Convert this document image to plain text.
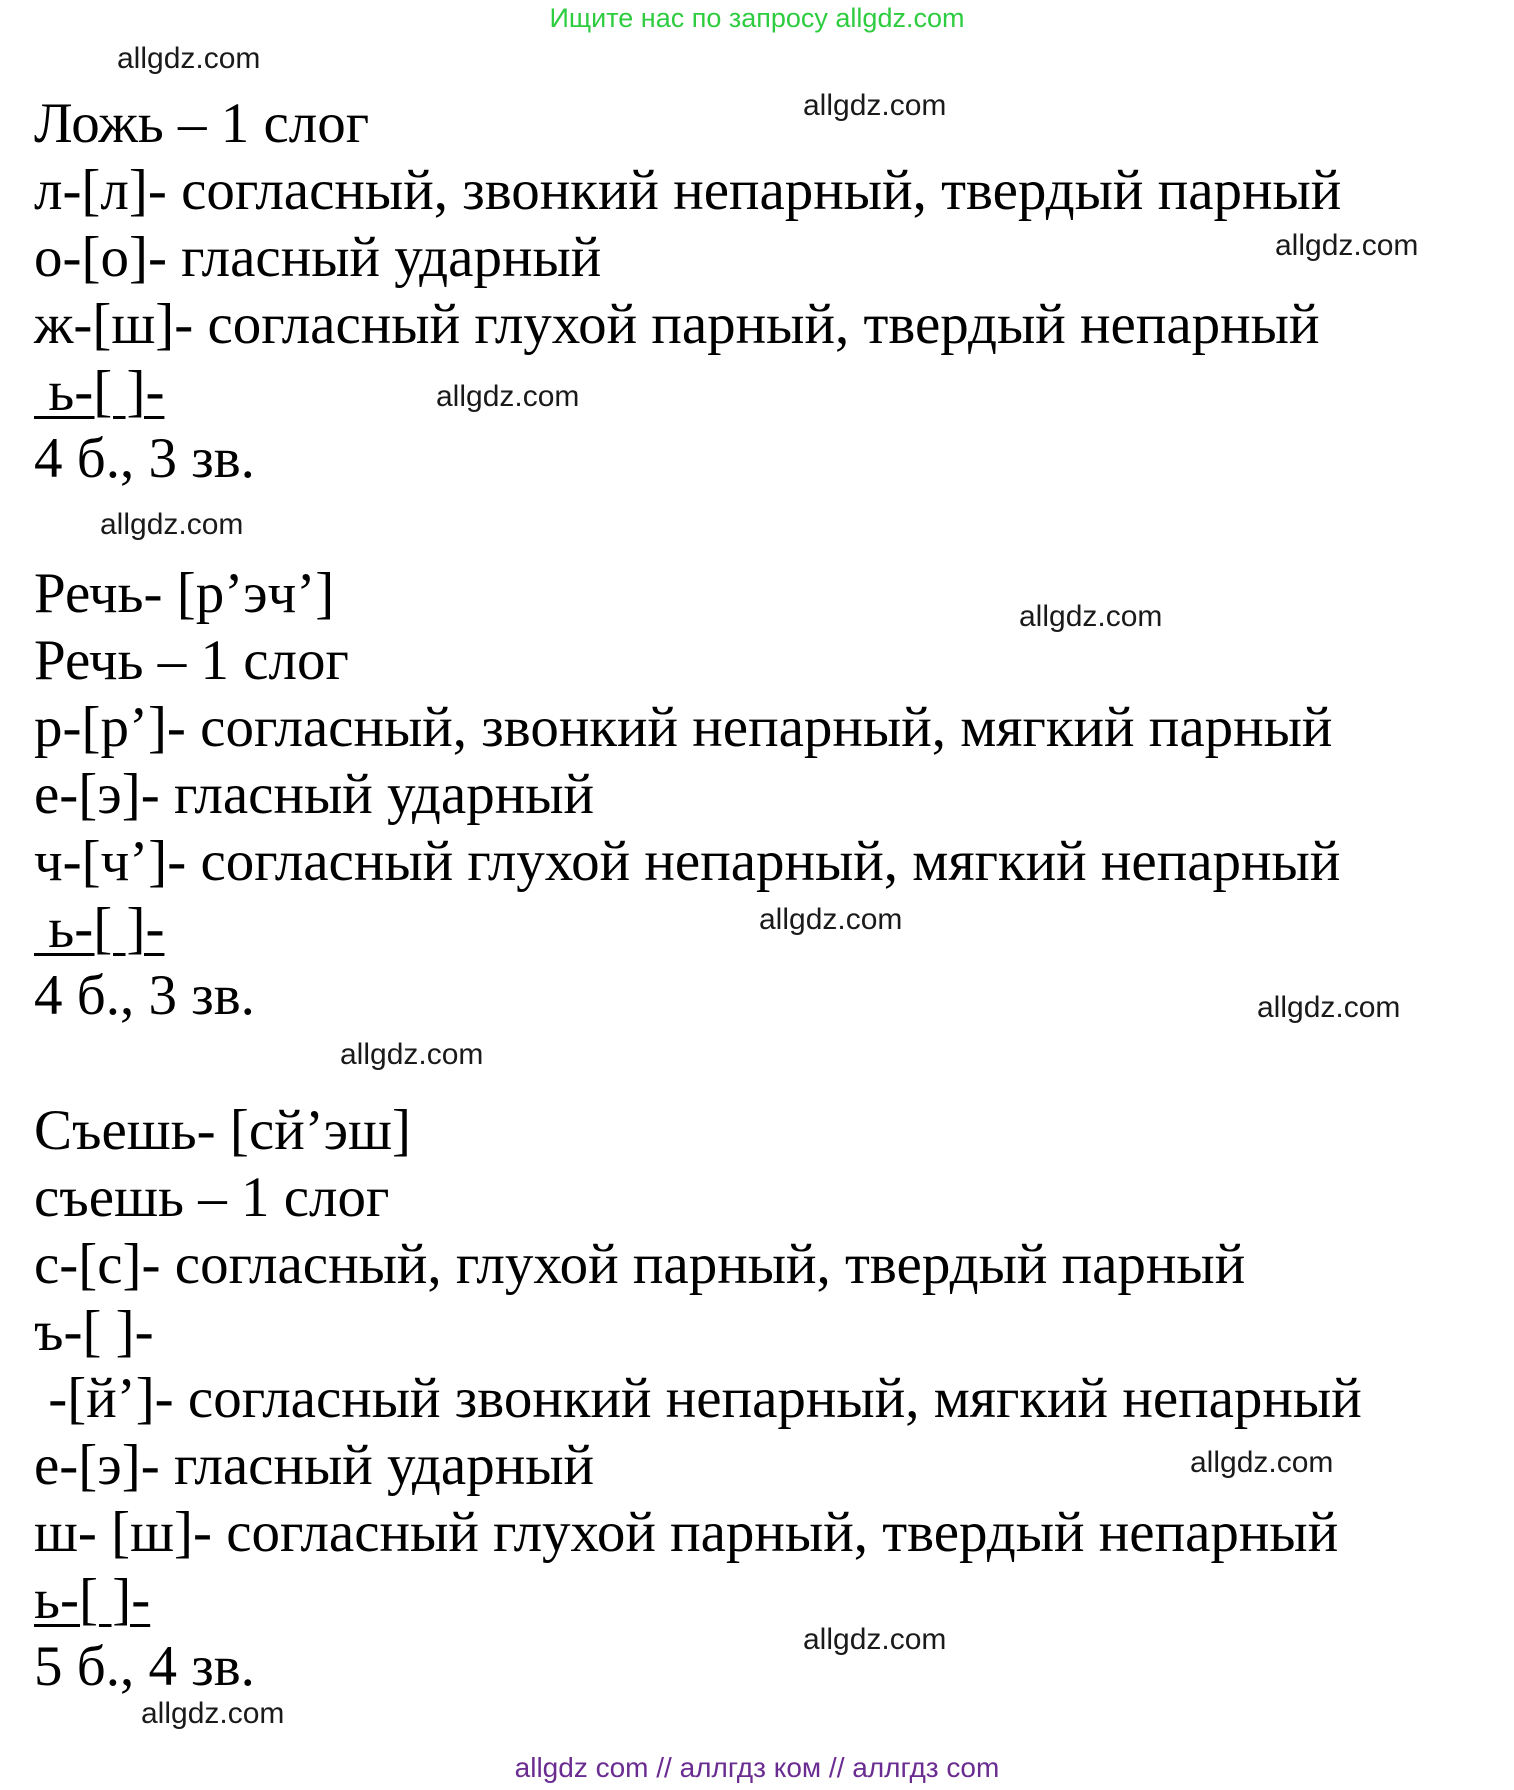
Ищите нас по запросу allgdz.com
Ложь – 1 слог
л-[л]- согласный, звонкий непарный, твердый парный
о-[о]- гласный ударный
ж-[ш]- согласный глухой парный, твердый непарный
ь-[ ]-
4 б., 3 зв.
Речь- [р’эч’]
Речь – 1 слог
р-[р’]- согласный, звонкий непарный, мягкий парный
е-[э]- гласный ударный
ч-[ч’]- согласный глухой непарный, мягкий непарный
ь-[ ]-
4 б., 3 зв.
Съешь- [сй’эш]
съешь – 1 слог
с-[с]- согласный, глухой парный, твердый парный
ъ-[ ]-
-[й’]- согласный звонкий непарный, мягкий непарный
е-[э]- гласный ударный
ш- [ш]- согласный глухой парный, твердый непарный
ь-[ ]-
5 б., 4 зв.
allgdz.com
allgdz.com
allgdz.com
allgdz.com
allgdz.com
allgdz.com
allgdz.com
allgdz.com
allgdz.com
allgdz.com
allgdz.com
allgdz.com
allgdz com // аллгдз ком // аллгдз com
